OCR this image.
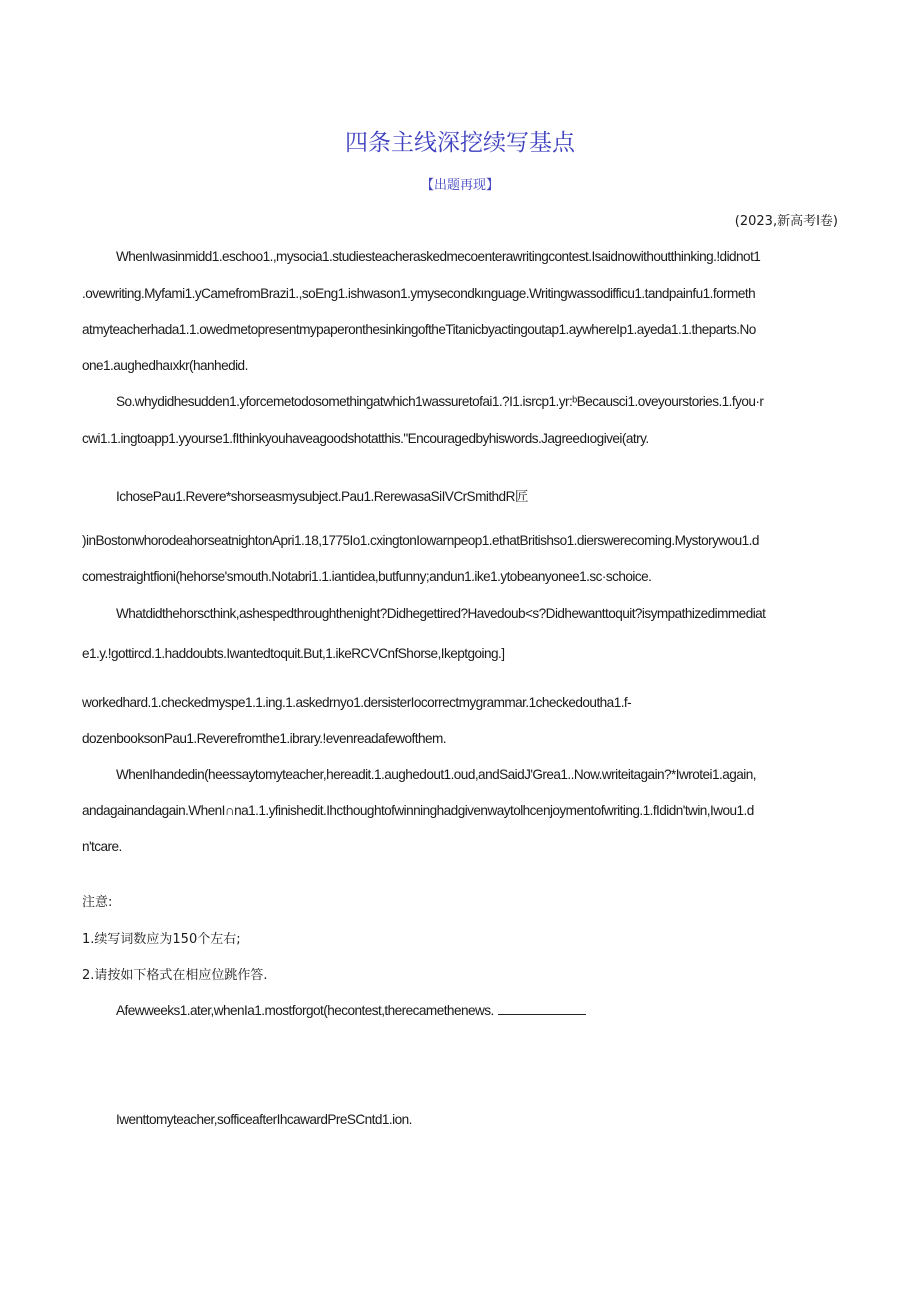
四条主线深挖续写基点
【出题再现】
(2023,新高考Ⅰ卷)
WhenIwasinmidd1.eschoo1.,mysocia1.studiesteacheraskedmecoenterawritingcontest.Isaidnowithoutthinking.!didnot1
.ovewriting.Myfami1.yCamefromBrazi1.,soEng1.ishwason1.ymysecondkınguage.Writingwassodifficu1.tandpainfu1.formeth
atmyteacherhada1.1.owedmetopresentmypaperonthesinkingoftheTitanicbyactingoutap1.aywhereIp1.ayeda1.1.theparts.No
one1.aughedhaıxkr(hanhedid.
So.whydidhesudden1.yforcemetodosomethingatwhich1wassuretofai1.?I1.isrcp1.yr:ᵇBecausci1.oveyourstories.1.fyou·r
cwi1.1.ingtoapp1.yyourse1.fIthinkyouhaveagoodshotatthis."Encouragedbyhiswords.Jagreedıogivei(atry.
IchosePau1.Revere*shorseasmysubject.Pau1.RerewasaSiIVCrSmithdR匠
)inBostonwhorodeahorseatnightonApri1.18,1775Io1.cxingtonIowarnpeop1.ethatBritishso1.dierswerecoming.Mystorywou1.d
comestraightfioni(hehorse'smouth.Notabri1.1.iantidea,butfunny;andun1.ike1.ytobeanyonee1.sc·schoice.
Whatdidthehorscthink,ashespedthroughthenight?Didhegettired?Havedoub<s?Didhewanttoquit?isympathizedimmediat
e1.y.!gottircd.1.haddoubts.Iwantedtoquit.But,1.ikeRCVCnfShorse,Ikeptgoing.]
workedhard.1.checkedmyspe1.1.ing.1.askedrnyo1.dersisterIocorrectmygrammar.1checkedoutha1.f-
dozenbooksonPau1.Reverefromthe1.ibrary.!evenreadafewofthem.
WhenIhandedin(heessaytomyteacher,hereadit.1.aughedout1.oud,andSaidJ'Grea1..Now.writeitagain?*Iwrotei1.again,
andagainandagain.WhenI∩na1.1.yfinishedit.Ihcthoughtofwinninghadgivenwaytolhcenjoymentofwriting.1.fIdidn'twin,Iwou1.d
n'tcare.
注意:
1.续写词数应为150个左右;
2.请按如下格式在相应位跳作答.
Afewweeks1.ater,whenIa1.mostforgot(hecontest,therecamethenews.
Iwenttomyteacher,sofficeafterIhcawardPreSCntd1.ion.
